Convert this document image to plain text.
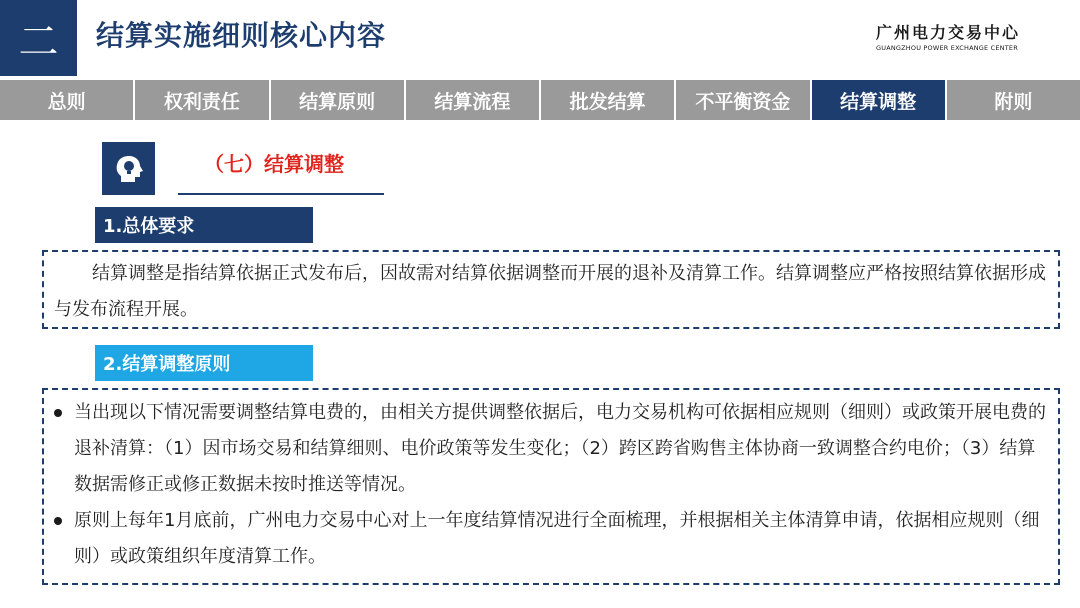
二 结算实施细则核心内容	广州电力交易中心
GUANGZHOU POWER EXCHANGE CENTER
总则	权利责任	结算原则	结算流程	批发结算	不平衡资金	结算调整	附则
（七）结算调整
1.总体要求

结算调整是指结算依据正式发布后，因故需对结算依据调整而开展的退补及清算工作。结算调整应严格按照结算依据形成与发布流程开展。

2.结算调整原则
当出现以下情况需要调整结算电费的，由相关方提供调整依据后，电力交易机构可依据相应规则（细则）或政策开展电费的退补清算：（1）因市场交易和结算细则、电价政策等发生变化；（2）跨区跨省购售主体协商一致调整合约电价；（3）结算数据需修正或修正数据未按时推送等情况。
原则上每年1月底前，广州电力交易中心对上一年度结算情况进行全面梳理，并根据相关主体清算申请，依据相应规则（细则）或政策组织年度清算工作。
